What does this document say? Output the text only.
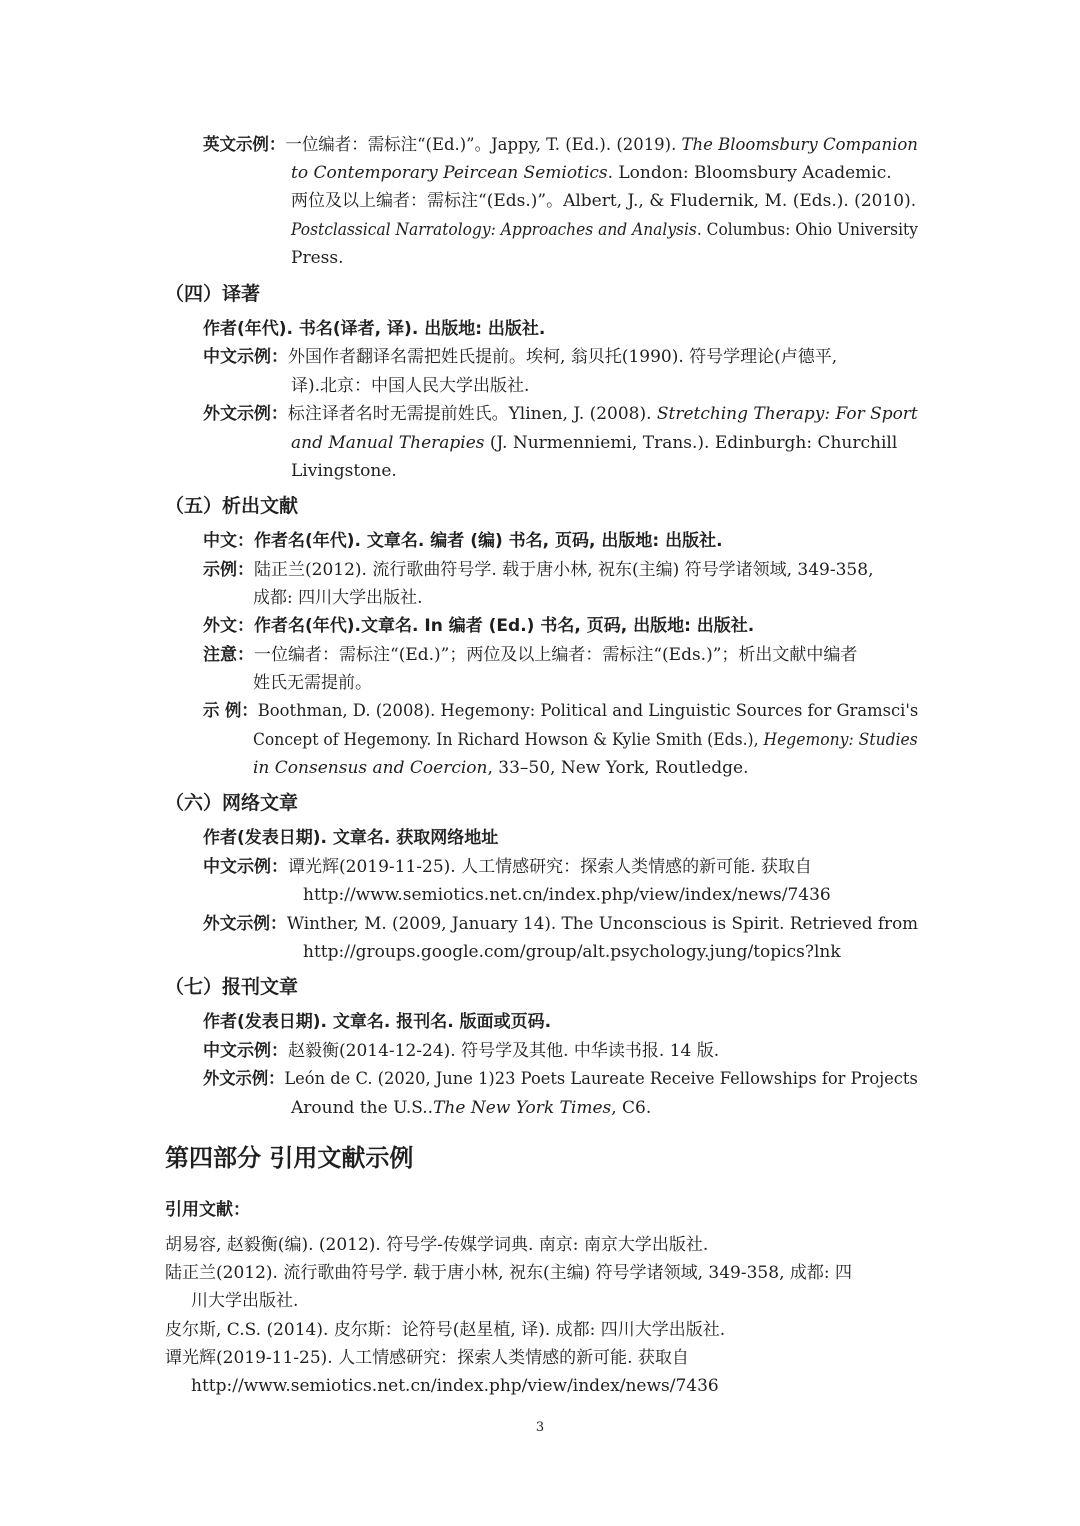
英文示例：一位编者：需标注“(Ed.)”。Jappy, T. (Ed.). (2019). The Bloomsbury Companion
to Contemporary Peircean Semiotics. London: Bloomsbury Academic.
两位及以上编者：需标注“(Eds.)”。Albert, J., & Fludernik, M. (Eds.). (2010).
Postclassical Narratology: Approaches and Analysis. Columbus: Ohio University
Press.
（四）译著
作者(年代). 书名(译者, 译). 出版地: 出版社.
中文示例：外国作者翻译名需把姓氏提前。埃柯, 翁贝托(1990). 符号学理论(卢德平,
译).北京：中国人民大学出版社.
外文示例：标注译者名时无需提前姓氏。Ylinen, J. (2008). Stretching Therapy: For Sport
and Manual Therapies (J. Nurmenniemi, Trans.). Edinburgh: Churchill
Livingstone.
（五）析出文献
中文：作者名(年代). 文章名. 编者 (编) 书名, 页码, 出版地: 出版社.
示例：陆正兰(2012). 流行歌曲符号学. 载于唐小林, 祝东(主编) 符号学诸领域, 349-358,
成都: 四川大学出版社.
外文：作者名(年代).文章名. In 编者 (Ed.) 书名, 页码, 出版地: 出版社.
注意：一位编者：需标注“(Ed.)”；两位及以上编者：需标注“(Eds.)”；析出文献中编者
姓氏无需提前。
示 例：Boothman, D. (2008). Hegemony: Political and Linguistic Sources for Gramsci's
Concept of Hegemony. In Richard Howson & Kylie Smith (Eds.), Hegemony: Studies
in Consensus and Coercion, 33–50, New York, Routledge.
（六）网络文章
作者(发表日期). 文章名. 获取网络地址
中文示例：谭光辉(2019-11-25). 人工情感研究：探索人类情感的新可能. 获取自
http://www.semiotics.net.cn/index.php/view/index/news/7436
外文示例：Winther, M. (2009, January 14). The Unconscious is Spirit. Retrieved from
http://groups.google.com/group/alt.psychology.jung/topics?lnk
（七）报刊文章
作者(发表日期). 文章名. 报刊名. 版面或页码.
中文示例：赵毅衡(2014-12-24). 符号学及其他. 中华读书报. 14 版.
外文示例：León de C. (2020, June 1)23 Poets Laureate Receive Fellowships for Projects
Around the U.S..The New York Times, C6.
第四部分 引用文献示例
引用文献：
胡易容, 赵毅衡(编). (2012). 符号学-传媒学词典. 南京: 南京大学出版社.
陆正兰(2012). 流行歌曲符号学. 载于唐小林, 祝东(主编) 符号学诸领域, 349-358, 成都: 四
川大学出版社.
皮尔斯, C.S. (2014). 皮尔斯：论符号(赵星植, 译). 成都: 四川大学出版社.
谭光辉(2019-11-25). 人工情感研究：探索人类情感的新可能. 获取自
http://www.semiotics.net.cn/index.php/view/index/news/7436
3
